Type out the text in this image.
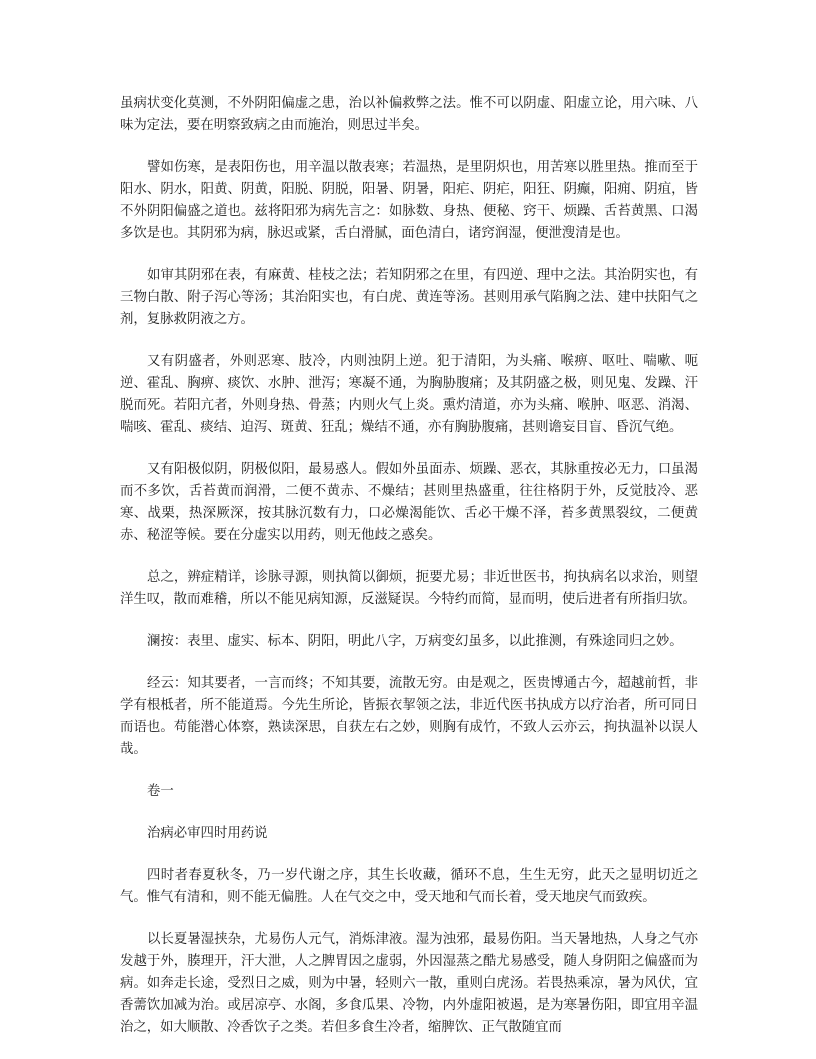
虽病状变化莫测，不外阴阳偏虚之患，治以补偏救弊之法。惟不可以阴虚、阳虚立论，用六味、八味为定法，要在明察致病之由而施治，则思过半矣。

譬如伤寒，是表阳伤也，用辛温以散表寒；若温热，是里阴炽也，用苦寒以胜里热。推而至于阳水、阴水，阳黄、阴黄，阳脱、阴脱，阳暑、阴暑，阳疟、阴疟，阳狂、阴癫，阳痈、阴疽，皆不外阴阳偏盛之道也。兹将阳邪为病先言之：如脉数、身热、便秘、窍干、烦躁、舌苔黄黑、口渴多饮是也。其阴邪为病，脉迟或紧，舌白滑腻，面色清白，诸窍润湿，便泄溲清是也。

如审其阴邪在表，有麻黄、桂枝之法；若知阴邪之在里，有四逆、理中之法。其治阴实也，有三物白散、附子泻心等汤；其治阳实也，有白虎、黄连等汤。甚则用承气陷胸之法、建中扶阳气之剂，复脉救阴液之方。

又有阴盛者，外则恶寒、肢冷，内则浊阴上逆。犯于清阳，为头痛、喉痹、呕吐、喘嗽、呃逆、霍乱、胸痹、痰饮、水肿、泄泻；寒凝不通，为胸胁腹痛；及其阴盛之极，则见鬼、发躁、汗脱而死。若阳亢者，外则身热、骨蒸；内则火气上炎。熏灼清道，亦为头痛、喉肿、呕恶、消渴、喘咳、霍乱、痰结、迫泻、斑黄、狂乱；燥结不通，亦有胸胁腹痛，甚则谵妄目盲、昏沉气绝。

又有阳极似阴，阴极似阳，最易惑人。假如外虽面赤、烦躁、恶衣，其脉重按必无力，口虽渴而不多饮，舌苔黄而润滑，二便不黄赤、不燥结；甚则里热盛重，往往格阴于外，反觉肢冷、恶寒、战栗，热深厥深，按其脉沉数有力，口必燥渴能饮、舌必干燥不泽，苔多黄黑裂纹，二便黄赤、秘涩等候。要在分虚实以用药，则无他歧之惑矣。

总之，辨症精详，诊脉寻源，则执简以御烦，扼要尤易；非近世医书，拘执病名以求治，则望洋生叹，散而难稽，所以不能见病知源，反滋疑误。今特约而简，显而明，使后进者有所指归欤。

澜按：表里、虚实、标本、阴阳，明此八字，万病变幻虽多，以此推测，有殊途同归之妙。

经云：知其要者，一言而终；不知其要，流散无穷。由是观之，医贵博通古今，超越前哲，非学有根柢者，所不能道焉。今先生所论，皆振衣挈领之法，非近代医书执成方以疗治者，所可同日而语也。苟能潜心体察，熟读深思，自获左右之妙，则胸有成竹，不致人云亦云，拘执温补以误人哉。

卷一

治病必审四时用药说

四时者春夏秋冬，乃一岁代谢之序，其生长收藏，循环不息，生生无穷，此天之显明切近之气。惟气有清和，则不能无偏胜。人在气交之中，受天地和气而长着，受天地戾气而致疾。

以长夏暑湿挟杂，尤易伤人元气，消烁津液。湿为浊邪，最易伤阳。当天暑地热，人身之气亦发越于外，腠理开，汗大泄，人之脾胃因之虚弱，外因湿蒸之酷尤易感受，随人身阴阳之偏盛而为病。如奔走长途，受烈日之威，则为中暑，轻则六一散，重则白虎汤。若畏热乘凉，暑为风伏，宜香薷饮加减为治。或居凉亭、水阁，多食瓜果、冷物，内外虚阳被遏，是为寒暑伤阳，即宜用辛温治之，如大顺散、冷香饮子之类。若但多食生冷者，缩脾饮、正气散随宜而
